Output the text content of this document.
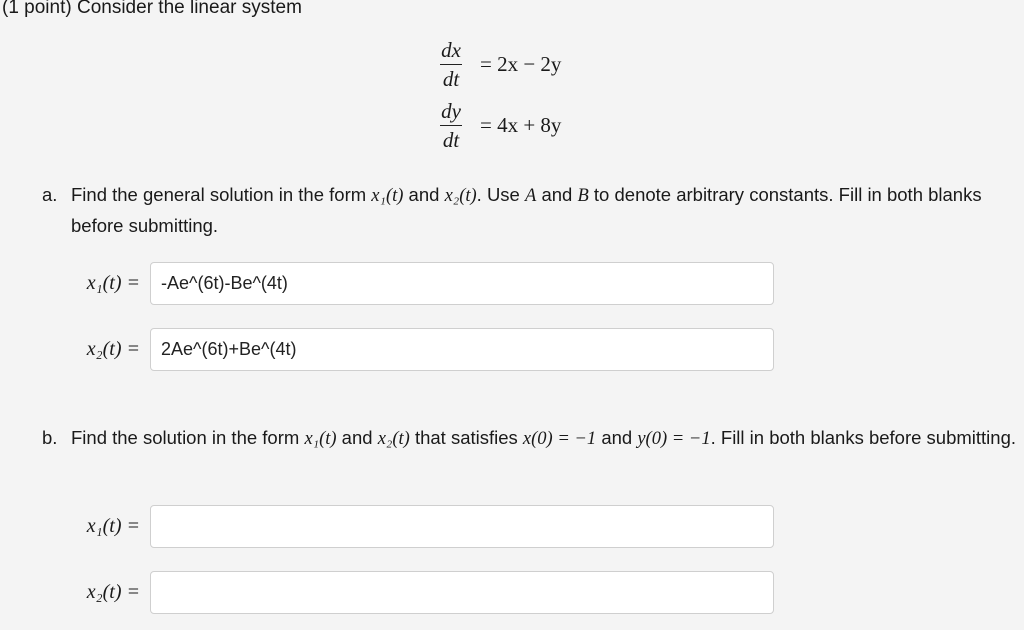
(1 point) Consider the linear system
$\frac{dx}{dt} = 2x - 2y$
$\frac{dy}{dt} = 4x + 8y$
a. Find the general solution in the form x₁(t) and x₂(t). Use A and B to denote arbitrary constants. Fill in both blanks before submitting.
x₁(t) =
-Ae^(6t)-Be^(4t)
x₂(t) =
2Ae^(6t)+Be^(4t)
b. Find the solution in the form x₁(t) and x₂(t) that satisfies x(0) = −1 and y(0) = −1. Fill in both blanks before submitting.
x₁(t) =
x₂(t) =
